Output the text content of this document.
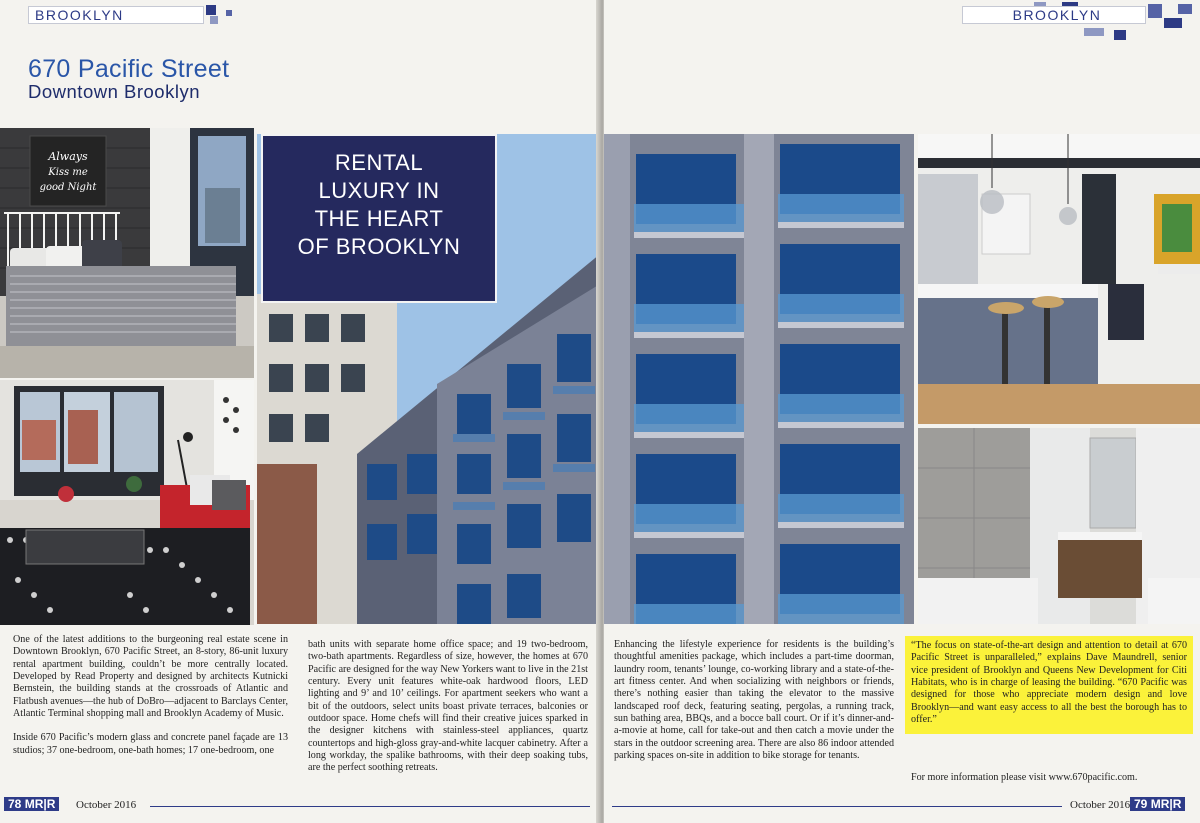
BROOKLYN
670 Pacific Street
Downtown Brooklyn
Always
Kiss me
good Night
RENTAL
LUXURY IN
THE HEART
OF BROOKLYN

One of the latest additions to the burgeoning real estate scene in Downtown Brooklyn, 670 Pacific Street, an 8-story, 86-unit luxury rental apartment building, couldn’t be more centrally located. Developed by Read Property and designed by architects Kutnicki Bernstein, the building stands at the crossroads of Atlantic and Flatbush avenues—the hub of DoBro—adjacent to Barclays Center, Atlantic Terminal shopping mall and Brooklyn Academy of Music.

Inside 670 Pacific’s modern glass and concrete panel façade are 13 studios; 37 one-bedroom, one-bath homes; 17 one-bedroom, one

bath units with separate home office space; and 19 two-bedroom, two-bath apartments. Regardless of size, however, the homes at 670 Pacific are designed for the way New Yorkers want to live in the 21st century. Every unit features white-oak hardwood floors, LED lighting and 9’ and 10’ ceilings. For apartment seekers who want a bit of the outdoors, select units boast private terraces, balconies or outdoor space. Home chefs will find their creative juices sparked in the designer kitchens with stainless-steel appliances, quartz countertops and high-gloss gray-and-white lacquer cabinetry. After a long workday, the spalike bathrooms, with their deep soaking tubs, are the perfect soothing retreats.

78 MR|R	October 2016
BROOKLYN

Enhancing the lifestyle experience for residents is the building’s thoughtful amenities package, which includes a part-time doorman, laundry room, tenants’ lounge, co-working library and a state-of-the-art fitness center. And when socializing with neighbors or friends, there’s nothing easier than taking the elevator to the massive landscaped roof deck, featuring seating, pergolas, a running track, sun bathing area, BBQs, and a bocce ball court. Or if it’s dinner-and-a-movie at home, call for take-out and then catch a movie under the stars in the outdoor screening area. There are also 86 indoor attended parking spaces on-site in addition to bike storage for tenants.

“The focus on state-of-the-art design and attention to detail at 670 Pacific Street is unparalleled,” explains Dave Maundrell, senior vice president of Brooklyn and Queens New Development for Citi Habitats, who is in charge of leasing the building. “670 Pacific was designed for those who appreciate modern design and love Brooklyn—and want easy access to all the best the borough has to offer.”
For more information please visit www.670pacific.com.
October 2016 79 MR|R
